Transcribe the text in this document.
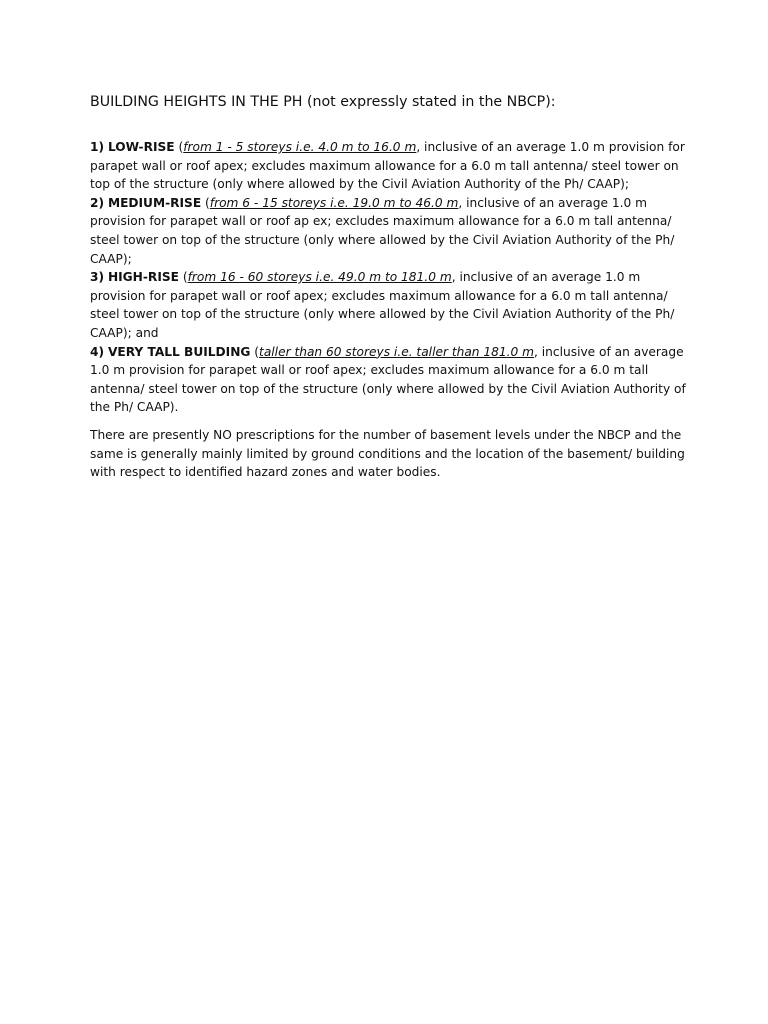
BUILDING HEIGHTS IN THE PH (not expressly stated in the NBCP):

1) LOW-RISE (from 1 - 5 storeys i.e. 4.0 m to 16.0 m, inclusive of an average 1.0 m provision for parapet wall or roof apex; excludes maximum allowance for a 6.0 m tall antenna/ steel tower on top of the structure (only where allowed by the Civil Aviation Authority of the Ph/ CAAP);

2) MEDIUM-RISE (from 6 - 15 storeys i.e. 19.0 m to 46.0 m, inclusive of an average 1.0 m provision for parapet wall or roof ap ex; excludes maximum allowance for a 6.0 m tall antenna/ steel tower on top of the structure (only where allowed by the Civil Aviation Authority of the Ph/ CAAP);

3) HIGH-RISE (from 16 - 60 storeys i.e. 49.0 m to 181.0 m, inclusive of an average 1.0 m provision for parapet wall or roof apex; excludes maximum allowance for a 6.0 m tall antenna/ steel tower on top of the structure (only where allowed by the Civil Aviation Authority of the Ph/ CAAP); and

4) VERY TALL BUILDING (taller than 60 storeys i.e. taller than 181.0 m, inclusive of an average 1.0 m provision for parapet wall or roof apex; excludes maximum allowance for a 6.0 m tall antenna/ steel tower on top of the structure (only where allowed by the Civil Aviation Authority of the Ph/ CAAP).

There are presently NO prescriptions for the number of basement levels under the NBCP and the same is generally mainly limited by ground conditions and the location of the basement/ building with respect to identified hazard zones and water bodies.
